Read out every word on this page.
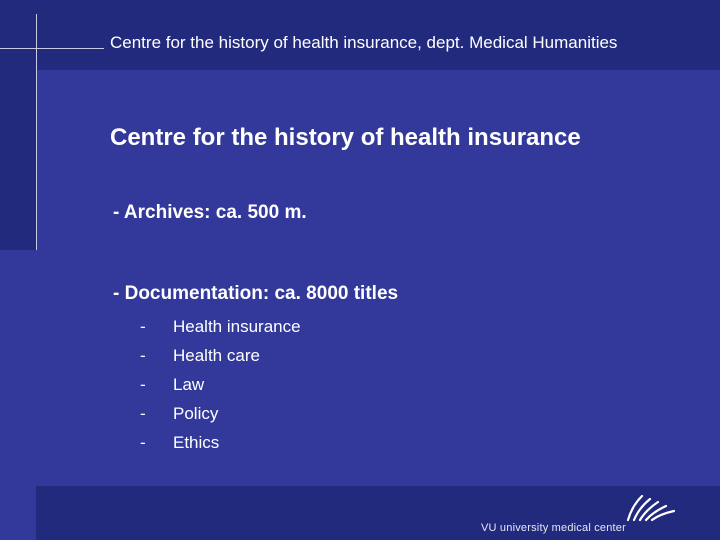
Centre for the history of health insurance, dept. Medical Humanities
Centre for the history of health insurance
- Archives: ca. 500 m.
- Documentation: ca. 8000 titles
- Health insurance
- Health care
- Law
- Policy
- Ethics
VU university medical center
